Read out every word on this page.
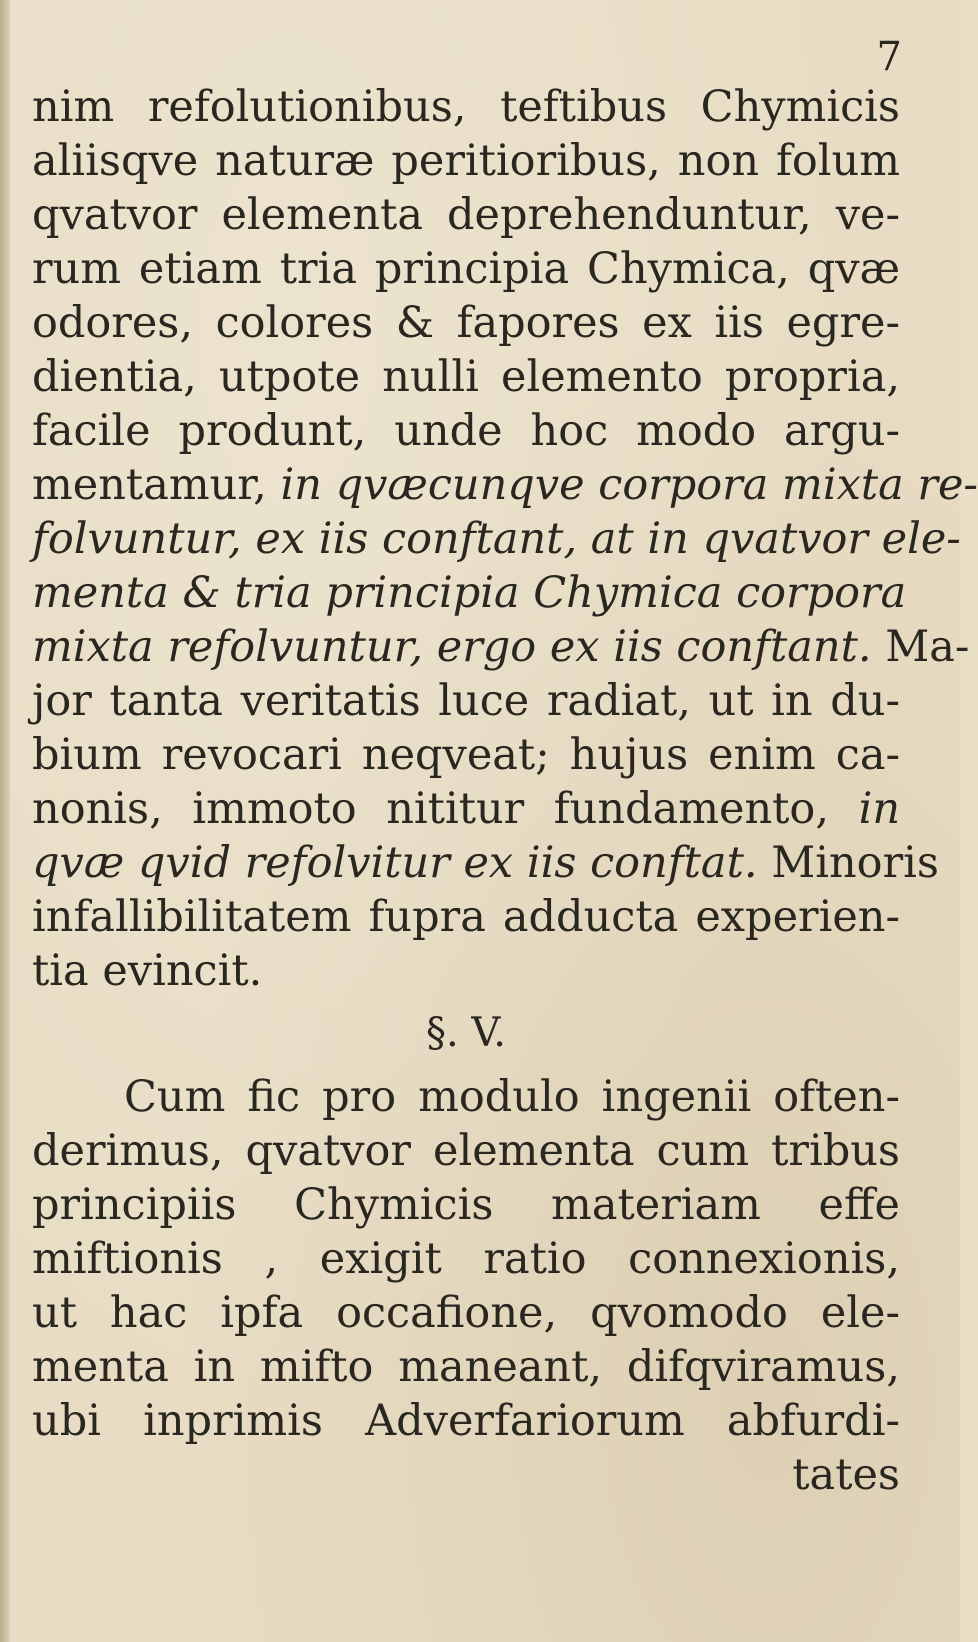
7
nim refolutionibus, teftibus Chymicis
aliisqve naturæ peritioribus, non folum
qvatvor elementa deprehenduntur, ve-
rum etiam tria principia Chymica, qvæ
odores, colores & fapores ex iis egre-
dientia, utpote nulli elemento propria,
facile produnt, unde hoc modo argu-
mentamur, in qvæcunqve corpora mixta re-
folvuntur, ex iis conftant, at in qvatvor ele-
menta & tria principia Chymica corpora
mixta refolvuntur, ergo ex iis conftant. Ma-
jor tanta veritatis luce radiat, ut in du-
bium revocari neqveat; hujus enim ca-
nonis, immoto nititur fundamento, in
qvæ qvid refolvitur ex iis conftat. Minoris
infallibilitatem fupra adducta experien-
tia evincit.
§. V.
Cum fic pro modulo ingenii often-
derimus, qvatvor elementa cum tribus
principiis Chymicis materiam effe
miftionis , exigit ratio connexionis,
ut hac ipfa occafione, qvomodo ele-
menta in mifto maneant, difqviramus,
ubi inprimis Adverfariorum abfurdi-
tates
